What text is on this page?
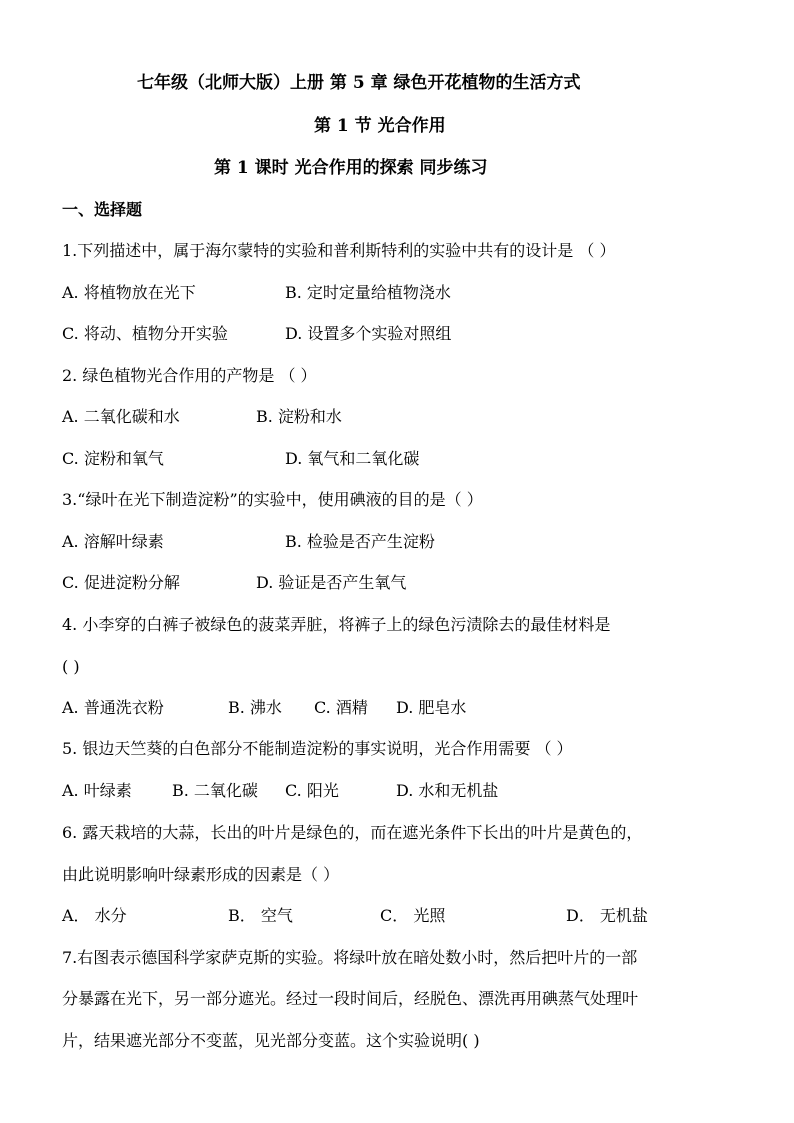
七年级（北师大版）上册 第 5 章 绿色开花植物的生活方式
第 1 节 光合作用
第 1 课时 光合作用的探索 同步练习
一、选择题
1.下列描述中，属于海尔蒙特的实验和普利斯特利的实验中共有的设计是 （ ）
A. 将植物放在光下	B. 定时定量给植物浇水
C. 将动、植物分开实验	D. 设置多个实验对照组
2. 绿色植物光合作用的产物是 （ ）
A. 二氧化碳和水	B. 淀粉和水
C. 淀粉和氧气	D. 氧气和二氧化碳
3.“绿叶在光下制造淀粉”的实验中，使用碘液的目的是（ ）
A. 溶解叶绿素	B. 检验是否产生淀粉
C. 促进淀粉分解	D. 验证是否产生氧气
4. 小李穿的白裤子被绿色的菠菜弄脏，将裤子上的绿色污渍除去的最佳材料是
( )
A. 普通洗衣粉	B. 沸水 C. 酒精 D. 肥皂水
5. 银边天竺葵的白色部分不能制造淀粉的事实说明，光合作用需要 （ ）
A. 叶绿素	B. 二氧化碳 C. 阳光	D. 水和无机盐
6. 露天栽培的大蒜，长出的叶片是绿色的，而在遮光条件下长出的叶片是黄色的，
由此说明影响叶绿素形成的因素是（ ）
A． 水分	B． 空气	C． 光照	D． 无机盐
7.右图表示德国科学家萨克斯的实验。将绿叶放在暗处数小时，然后把叶片的一部
分暴露在光下，另一部分遮光。经过一段时间后，经脱色、漂洗再用碘蒸气处理叶
片，结果遮光部分不变蓝，见光部分变蓝。这个实验说明( )
